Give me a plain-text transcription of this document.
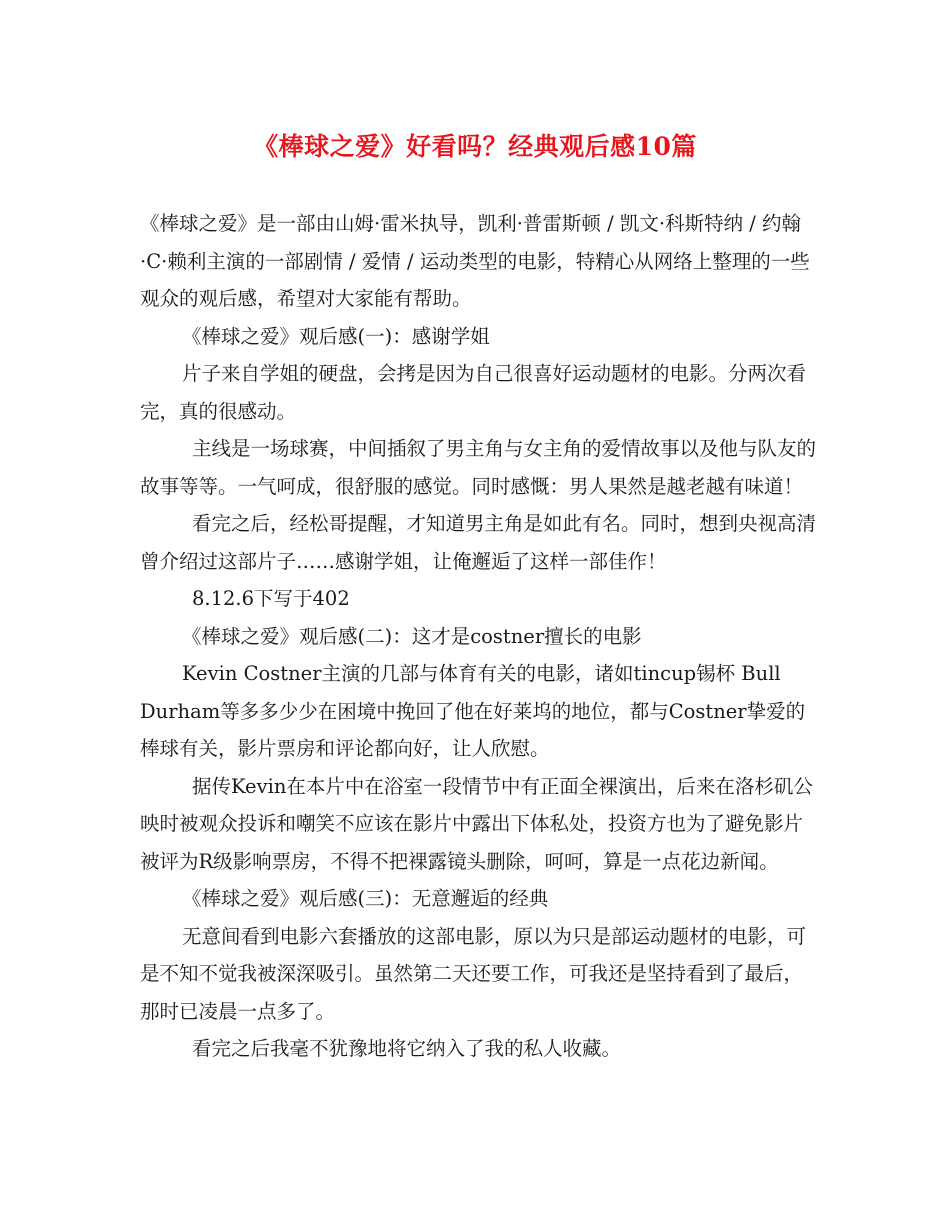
《棒球之爱》好看吗？经典观后感10篇

《棒球之爱》是一部由山姆·雷米执导，凯利·普雷斯顿 / 凯文·科斯特纳 / 约翰·C·赖利主演的一部剧情 / 爱情 / 运动类型的电影，特精心从网络上整理的一些观众的观后感，希望对大家能有帮助。

《棒球之爱》观后感(一)：感谢学姐

片子来自学姐的硬盘，会拷是因为自己很喜好运动题材的电影。分两次看完，真的很感动。

主线是一场球赛，中间插叙了男主角与女主角的爱情故事以及他与队友的故事等等。一气呵成，很舒服的感觉。同时感慨：男人果然是越老越有味道！

看完之后，经松哥提醒，才知道男主角是如此有名。同时，想到央视高清曾介绍过这部片子……感谢学姐，让俺邂逅了这样一部佳作！

8.12.6下写于402

《棒球之爱》观后感(二)：这才是costner擅长的电影

Kevin Costner主演的几部与体育有关的电影，诸如tincup锡杯 Bull Durham等多多少少在困境中挽回了他在好莱坞的地位，都与Costner挚爱的棒球有关，影片票房和评论都向好，让人欣慰。

据传Kevin在本片中在浴室一段情节中有正面全裸演出，后来在洛杉矶公映时被观众投诉和嘲笑不应该在影片中露出下体私处，投资方也为了避免影片被评为R级影响票房，不得不把裸露镜头删除，呵呵，算是一点花边新闻。

《棒球之爱》观后感(三)：无意邂逅的经典

无意间看到电影六套播放的这部电影，原以为只是部运动题材的电影，可是不知不觉我被深深吸引。虽然第二天还要工作，可我还是坚持看到了最后，那时已凌晨一点多了。

看完之后我毫不犹豫地将它纳入了我的私人收藏。
